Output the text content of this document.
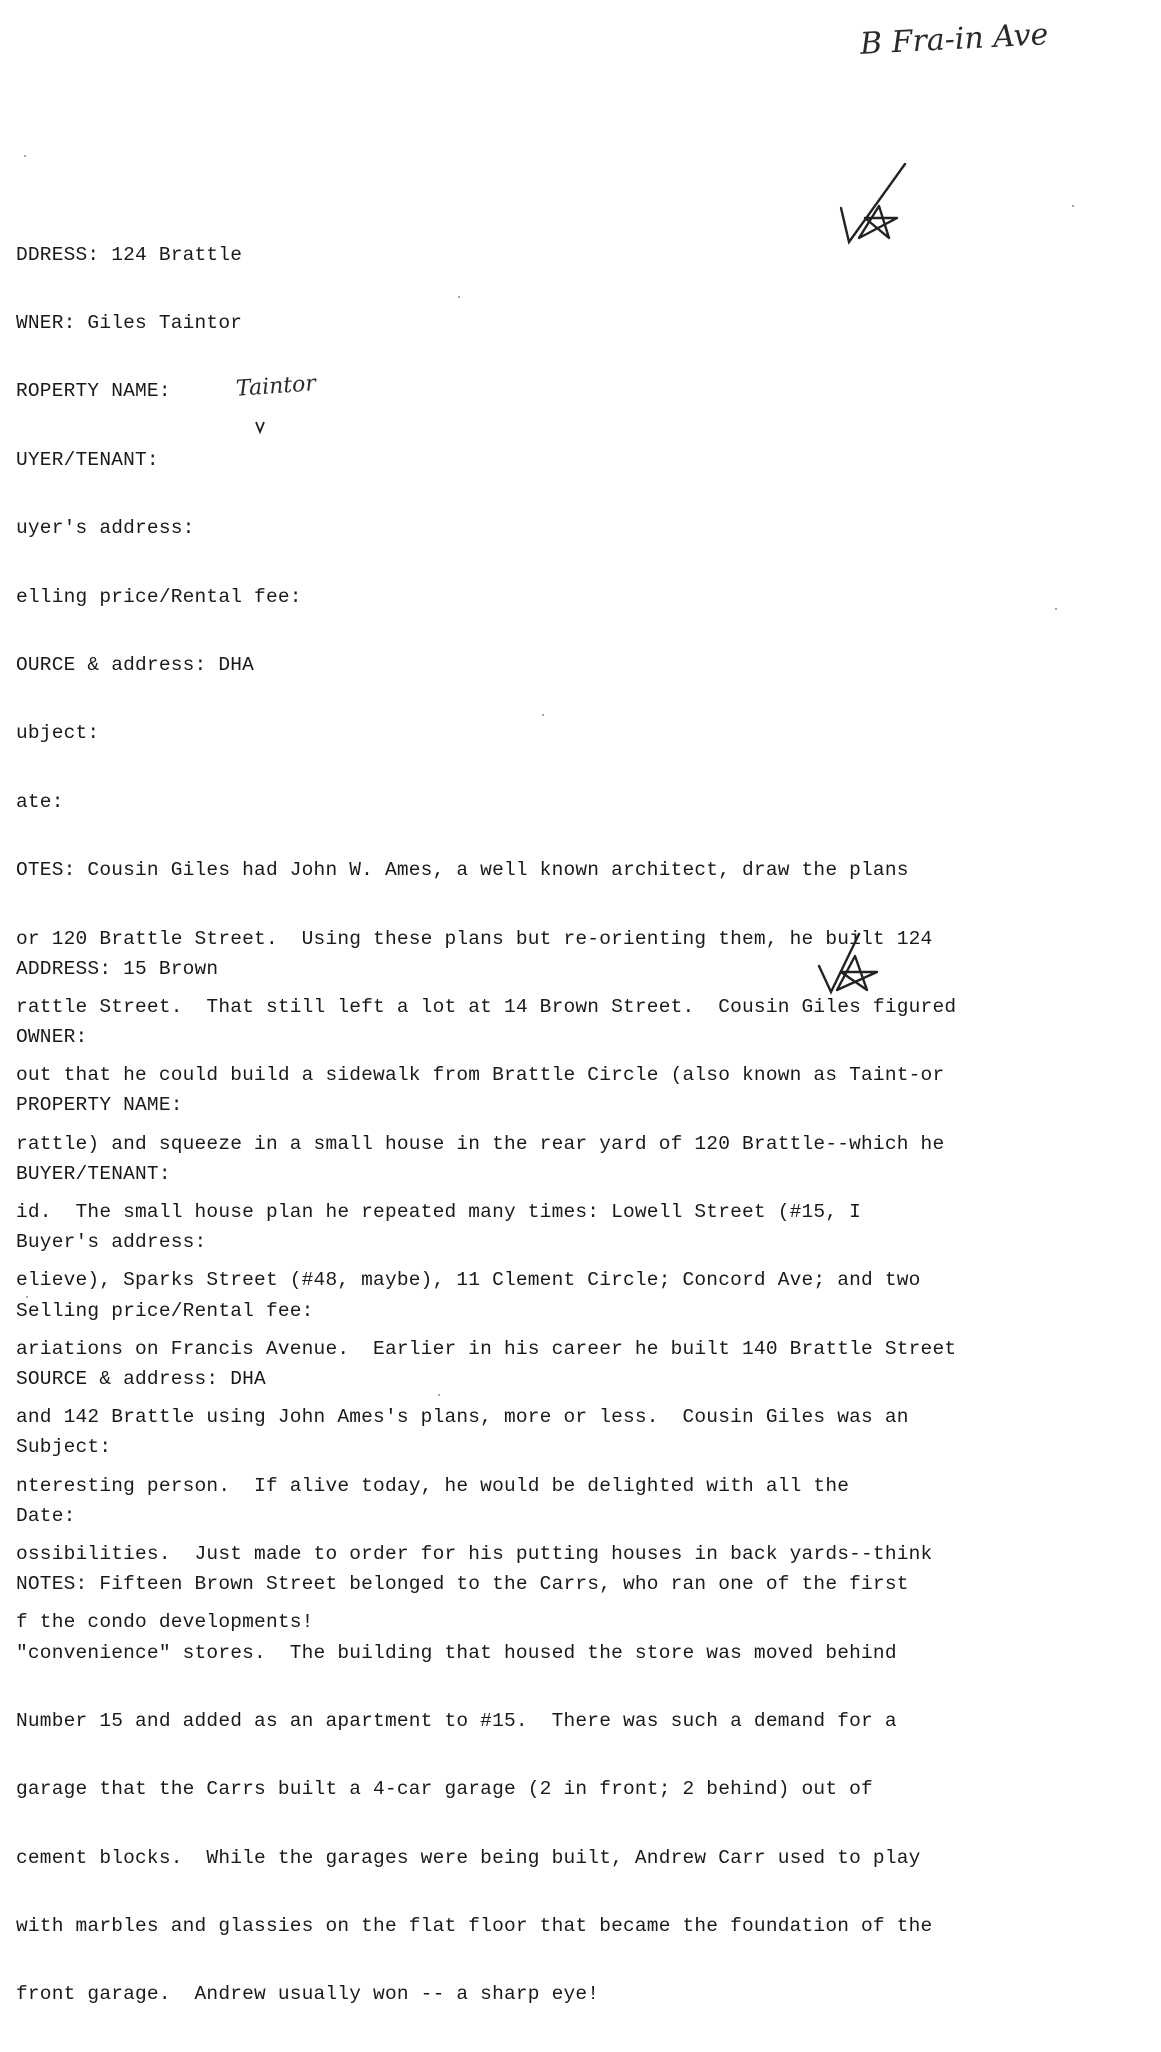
B Fra-in Ave

DDRESS: 124 Brattle

WNER: Giles Taintor

ROPERTY NAME:

UYER/TENANT:

uyer's address:

elling price/Rental fee:

OURCE & address: DHA

ubject:

ate:

OTES: Cousin Giles had John W. Ames, a well known architect, draw the plans

or 120 Brattle Street.  Using these plans but re-orienting them, he built 124

rattle Street.  That still left a lot at 14 Brown Street.  Cousin Giles figured

out that he could build a sidewalk from Brattle Circle (also known as Taint-or

rattle) and squeeze in a small house in the rear yard of 120 Brattle--which he

id.  The small house plan he repeated many times: Lowell Street (#15, I

elieve), Sparks Street (#48, maybe), 11 Clement Circle; Concord Ave; and two

ariations on Francis Avenue.  Earlier in his career he built 140 Brattle Street

and 142 Brattle using John Ames's plans, more or less.  Cousin Giles was an

nteresting person.  If alive today, he would be delighted with all the

ossibilities.  Just made to order for his putting houses in back yards--think

f the condo developments!

Taintor

ADDRESS: 15 Brown

OWNER:

PROPERTY NAME:

BUYER/TENANT:

Buyer's address:

Selling price/Rental fee:

SOURCE & address: DHA

Subject:

Date:

NOTES: Fifteen Brown Street belonged to the Carrs, who ran one of the first

"convenience" stores.  The building that housed the store was moved behind

Number 15 and added as an apartment to #15.  There was such a demand for a

garage that the Carrs built a 4-car garage (2 in front; 2 behind) out of

cement blocks.  While the garages were being built, Andrew Carr used to play

with marbles and glassies on the flat floor that became the foundation of the

front garage.  Andrew usually won -- a sharp eye!
